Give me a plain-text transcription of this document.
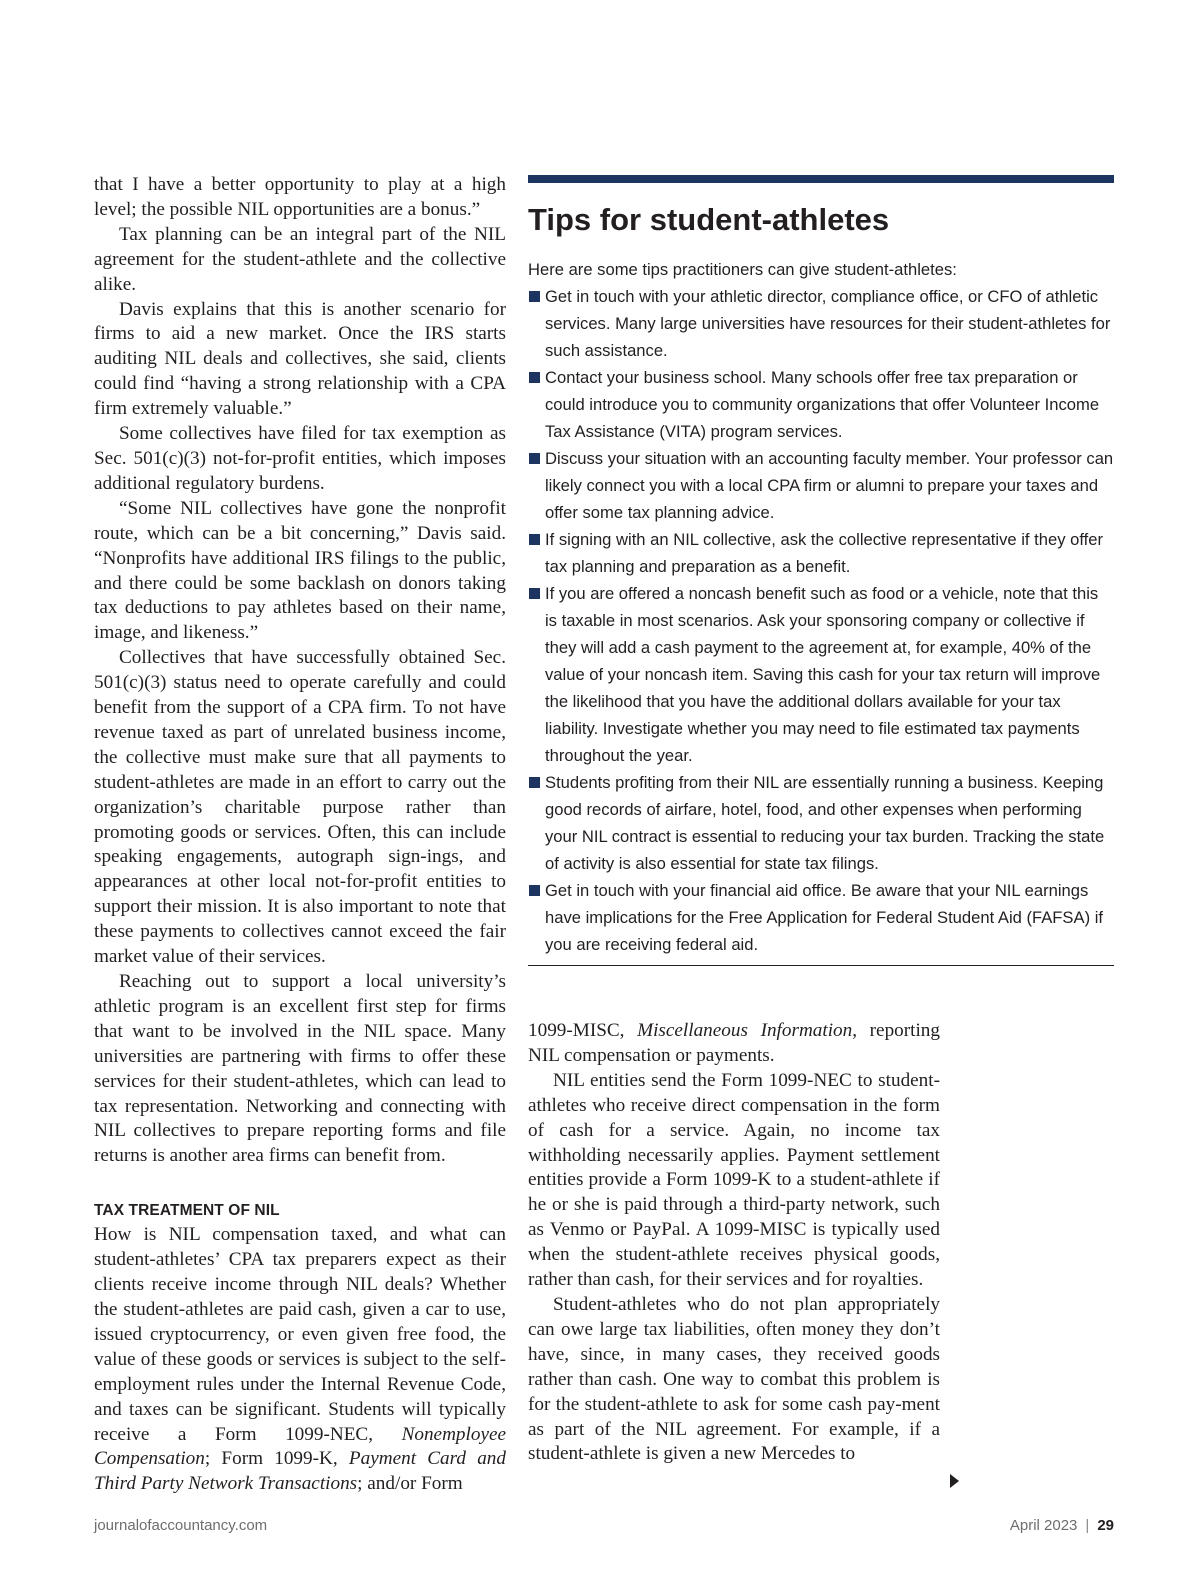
that I have a better opportunity to play at a high level; the possible NIL opportunities are a bonus.”

Tax planning can be an integral part of the NIL agreement for the student-athlete and the collective alike.

Davis explains that this is another scenario for firms to aid a new market. Once the IRS starts auditing NIL deals and collectives, she said, clients could find “having a strong relationship with a CPA firm extremely valuable.”

Some collectives have filed for tax exemption as Sec. 501(c)(3) not-for-profit entities, which imposes additional regulatory burdens.

“Some NIL collectives have gone the nonprofit route, which can be a bit concerning,” Davis said. “Nonprofits have additional IRS filings to the public, and there could be some backlash on donors taking tax deductions to pay athletes based on their name, image, and likeness.”

Collectives that have successfully obtained Sec. 501(c)(3) status need to operate carefully and could benefit from the support of a CPA firm. To not have revenue taxed as part of unrelated business income, the collective must make sure that all payments to student-athletes are made in an effort to carry out the organization’s charitable purpose rather than promoting goods or services. Often, this can include speaking engagements, autograph sign-ings, and appearances at other local not-for-profit entities to support their mission. It is also important to note that these payments to collectives cannot exceed the fair market value of their services.

Reaching out to support a local university’s athletic program is an excellent first step for firms that want to be involved in the NIL space. Many universities are partnering with firms to offer these services for their student-athletes, which can lead to tax representation. Networking and connecting with NIL collectives to prepare reporting forms and file returns is another area firms can benefit from.

TAX TREATMENT OF NIL

How is NIL compensation taxed, and what can student-athletes’ CPA tax preparers expect as their clients receive income through NIL deals? Whether the student-athletes are paid cash, given a car to use, issued cryptocurrency, or even given free food, the value of these goods or services is subject to the self-employment rules under the Internal Revenue Code, and taxes can be significant. Students will typically receive a Form 1099-NEC, Nonemployee Compensation; Form 1099-K, Payment Card and Third Party Network Transactions; and/or Form

Tips for student-athletes

Here are some tips practitioners can give student-athletes:

Get in touch with your athletic director, compliance office, or CFO of athletic services. Many large universities have resources for their student-athletes for such assistance.
Contact your business school. Many schools offer free tax preparation or could introduce you to community organizations that offer Volunteer Income Tax Assistance (VITA) program services.
Discuss your situation with an accounting faculty member. Your professor can likely connect you with a local CPA firm or alumni to prepare your taxes and offer some tax planning advice.
If signing with an NIL collective, ask the collective representative if they offer tax planning and preparation as a benefit.
If you are offered a noncash benefit such as food or a vehicle, note that this is taxable in most scenarios. Ask your sponsoring company or collective if they will add a cash payment to the agreement at, for example, 40% of the value of your noncash item. Saving this cash for your tax return will improve the likelihood that you have the additional dollars available for your tax liability. Investigate whether you may need to file estimated tax payments throughout the year.
Students profiting from their NIL are essentially running a business. Keeping good records of airfare, hotel, food, and other expenses when performing your NIL contract is essential to reducing your tax burden. Tracking the state of activity is also essential for state tax filings.
Get in touch with your financial aid office. Be aware that your NIL earnings have implications for the Free Application for Federal Student Aid (FAFSA) if you are receiving federal aid.

1099-MISC, Miscellaneous Information, reporting NIL compensation or payments.

NIL entities send the Form 1099-NEC to student-athletes who receive direct compensation in the form of cash for a service. Again, no income tax withholding necessarily applies. Payment settlement entities provide a Form 1099-K to a student-athlete if he or she is paid through a third-party network, such as Venmo or PayPal. A 1099-MISC is typically used when the student-athlete receives physical goods, rather than cash, for their services and for royalties.

Student-athletes who do not plan appropriately can owe large tax liabilities, often money they don’t have, since, in many cases, they received goods rather than cash. One way to combat this problem is for the student-athlete to ask for some cash pay-ment as part of the NIL agreement. For example, if a student-athlete is given a new Mercedes to

journalofaccountancy.com	April 2023 | 29
